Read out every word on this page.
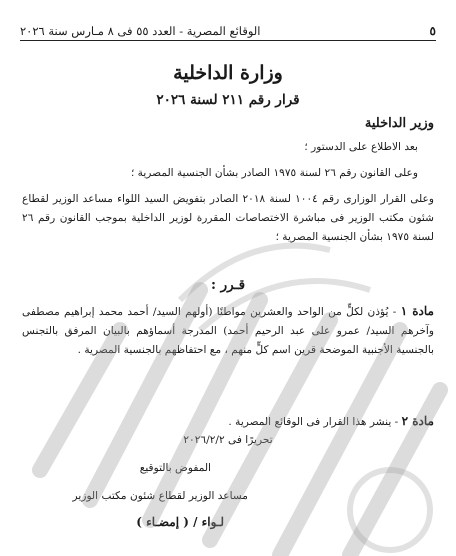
٥
الوقائع المصرية - العدد ٥٥ فى ٨ مـارس سنة ٢٠٢٦
وزارة الداخلية
قرار رقم ٢١١ لسنة ٢٠٢٦
وزير الداخلية
بعد الاطلاع على الدستور ؛
وعلى القانون رقم ٢٦ لسنة ١٩٧٥ الصادر بشأن الجنسية المصرية ؛
وعلى القرار الوزارى رقم ١٠٠٤ لسنة ٢٠١٨ الصادر بتفويض السيد اللواء مساعد الوزير لقطاع شئون مكتب الوزير فى مباشرة الاختصاصات المقررة لوزير الداخلية بموجب القانون رقم ٢٦ لسنة ١٩٧٥ بشأن الجنسية المصرية ؛
قـرر :
مادة ١ - يُؤذن لكلٍّ من الواحد والعشرين مواطنًا (أولهم السيد/ أحمد محمد إبراهيم مصطفى وآخرهم السيد/ عمرو على عبد الرحيم أحمد) المدرجة أسماؤهم بالبيان المرفق بالتجنس بالجنسية الأجنبية الموضحة قرين اسم كلٍّ منهم ، مع احتفاظهم بالجنسية المصرية .
مادة ٢ - ينشر هذا القرار فى الوقائع المصرية .
تحريرًا فى ٢٠٢٦/٢/٢
المفوض بالتوقيع
مساعد الوزير لقطاع شئون مكتب الوزير
لـواء / ( إمضـاء )
